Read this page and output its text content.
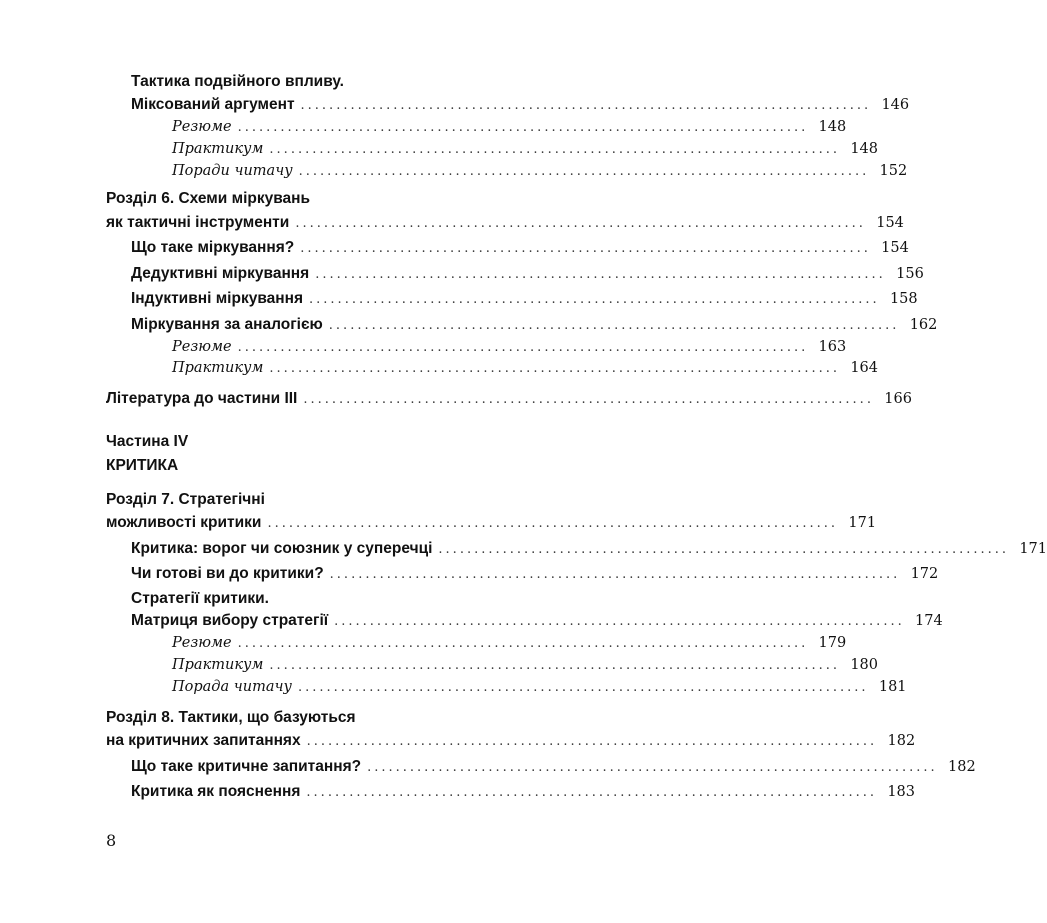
Тактика подвійного впливу.
Міксований аргумент ................................................................................ 146
Резюме ................................................................................ 148
Практикум ................................................................................ 148
Поради читачу ................................................................................ 152
Розділ 6. Схеми міркувань
як тактичні інструменти ................................................................................ 154
Що таке міркування? ................................................................................ 154
Дедуктивні міркування ................................................................................ 156
Індуктивні міркування ................................................................................ 158
Міркування за аналогією ................................................................................ 162
Резюме ................................................................................ 163
Практикум ................................................................................ 164
Література до частини ІІІ ................................................................................ 166
Частина IV
КРИТИКА
Розділ 7. Стратегічні
можливості критики ................................................................................ 171
Критика: ворог чи союзник у суперечці ................................................................................ 171
Чи готові ви до критики? ................................................................................ 172
Стратегії критики.
Матриця вибору стратегії ................................................................................ 174
Резюме ................................................................................ 179
Практикум ................................................................................ 180
Порада читачу ................................................................................ 181
Розділ 8. Тактики, що базуються
на критичних запитаннях ................................................................................ 182
Що таке критичне запитання? ................................................................................ 182
Критика як пояснення ................................................................................ 183
8
